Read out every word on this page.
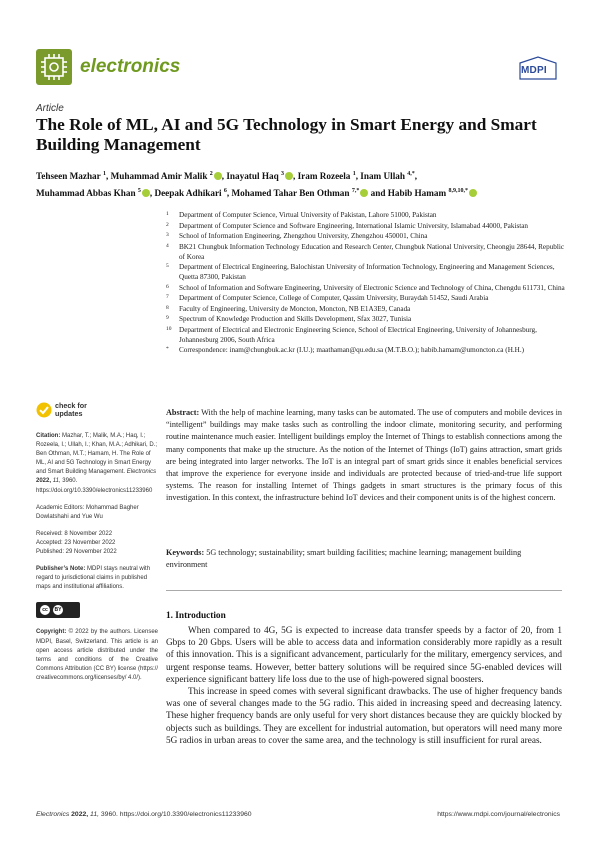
electronics	MDPI
Article
The Role of ML, AI and 5G Technology in Smart Energy and Smart Building Management
Tehseen Mazhar $^1$, Muhammad Amir Malik $^2$ , Inayatul Haq $^3$ , Iram Rozeela $^1$, Inam Ullah $^{4,*}$,
Muhammad Abbas Khan $^5$ , Deepak Adhikari $^6$, Mohamed Tahar Ben Othman $^{7,*}$ and Habib Hamam $^{8,9,10,*}$
1 Department of Computer Science, Virtual University of Pakistan, Lahore 51000, Pakistan
2 Department of Computer Science and Software Engineering, International Islamic University, Islamabad 44000, Pakistan
3 School of Information Engineering, Zhengzhou University, Zhengzhou 450001, China
4 BK21 Chungbuk Information Technology Education and Research Center, Chungbuk National University, Cheongju 28644, Republic of Korea
5 Department of Electrical Engineering, Balochistan University of Information Technology, Engineering and Management Sciences, Quetta 87300, Pakistan
6 School of Information and Software Engineering, University of Electronic Science and Technology of China, Chengdu 611731, China
7 Department of Computer Science, College of Computer, Qassim University, Buraydah 51452, Saudi Arabia
8 Faculty of Engineering, University de Moncton, Moncton, NB E1A3E9, Canada
9 Spectrum of Knowledge Production and Skills Development, Sfax 3027, Tunisia
10 Department of Electrical and Electronic Engineering Science, School of Electrical Engineering, University of Johannesburg, Johannesburg 2006, South Africa
* Correspondence: inam@chungbuk.ac.kr (I.U.); maathaman@qu.edu.sa (M.T.B.O.); habib.hamam@umoncton.ca (H.H.)
check for
updates
Citation: Mazhar, T.; Malik, M.A.; Haq, I.; Rozeela, I.; Ullah, I.; Khan, M.A.; Adhikari, D.; Ben Othman, M.T.; Hamam, H. The Role of ML, AI and 5G Technology in Smart Energy and Smart Building Management. Electronics 2022, 11, 3960. https://doi.org/10.3390/electronics11233960
Academic Editors: Mohammad Bagher Dowlatshahi and Yue Wu
Received: 8 November 2022
Accepted: 23 November 2022
Published: 29 November 2022
Publisher’s Note: MDPI stays neutral with regard to jurisdictional claims in published maps and institutional affiliations.
cc	BY
Copyright: © 2022 by the authors. Licensee MDPI, Basel, Switzerland. This article is an open access article distributed under the terms and conditions of the Creative Commons Attribution (CC BY) license (https:// creativecommons.org/licenses/by/ 4.0/).
Abstract: With the help of machine learning, many tasks can be automated. The use of computers and mobile devices in “intelligent” buildings may make tasks such as controlling the indoor climate, monitoring security, and performing routine maintenance much easier. Intelligent buildings employ the Internet of Things to establish connections among the many components that make up the structure. As the notion of the Internet of Things (IoT) gains attraction, smart grids are being integrated into larger networks. The IoT is an integral part of smart grids since it enables beneficial services that improve the experience for everyone inside and individuals are protected because of tried-and-true life support systems. The reason for installing Internet of Things gadgets in smart structures is the primary focus of this investigation. In this context, the infrastructure behind IoT devices and their component units is of the highest concern.
Keywords: 5G technology; sustainability; smart building facilities; machine learning; management building environment
1. Introduction

When compared to 4G, 5G is expected to increase data transfer speeds by a factor of 20, from 1 Gbps to 20 Gbps. Users will be able to access data and information considerably more rapidly as a result of this innovation. This is a significant advancement, particularly for the military, emergency services, and urgent response teams. However, better battery solutions will be required since 5G-enabled devices will experience significant battery life loss due to the use of high-powered signal boosters.

This increase in speed comes with several significant drawbacks. The use of higher frequency bands was one of several changes made to the 5G radio. This aided in increasing speed and decreasing latency. These higher frequency bands are only useful for very short distances because they are quickly blocked by objects such as buildings. They are excellent for industrial automation, but operators will need many more 5G radios in urban areas to cover the same area, and the technology is still insufficient for rural areas.

Electronics 2022, 11, 3960. https://doi.org/10.3390/electronics11233960	https://www.mdpi.com/journal/electronics
